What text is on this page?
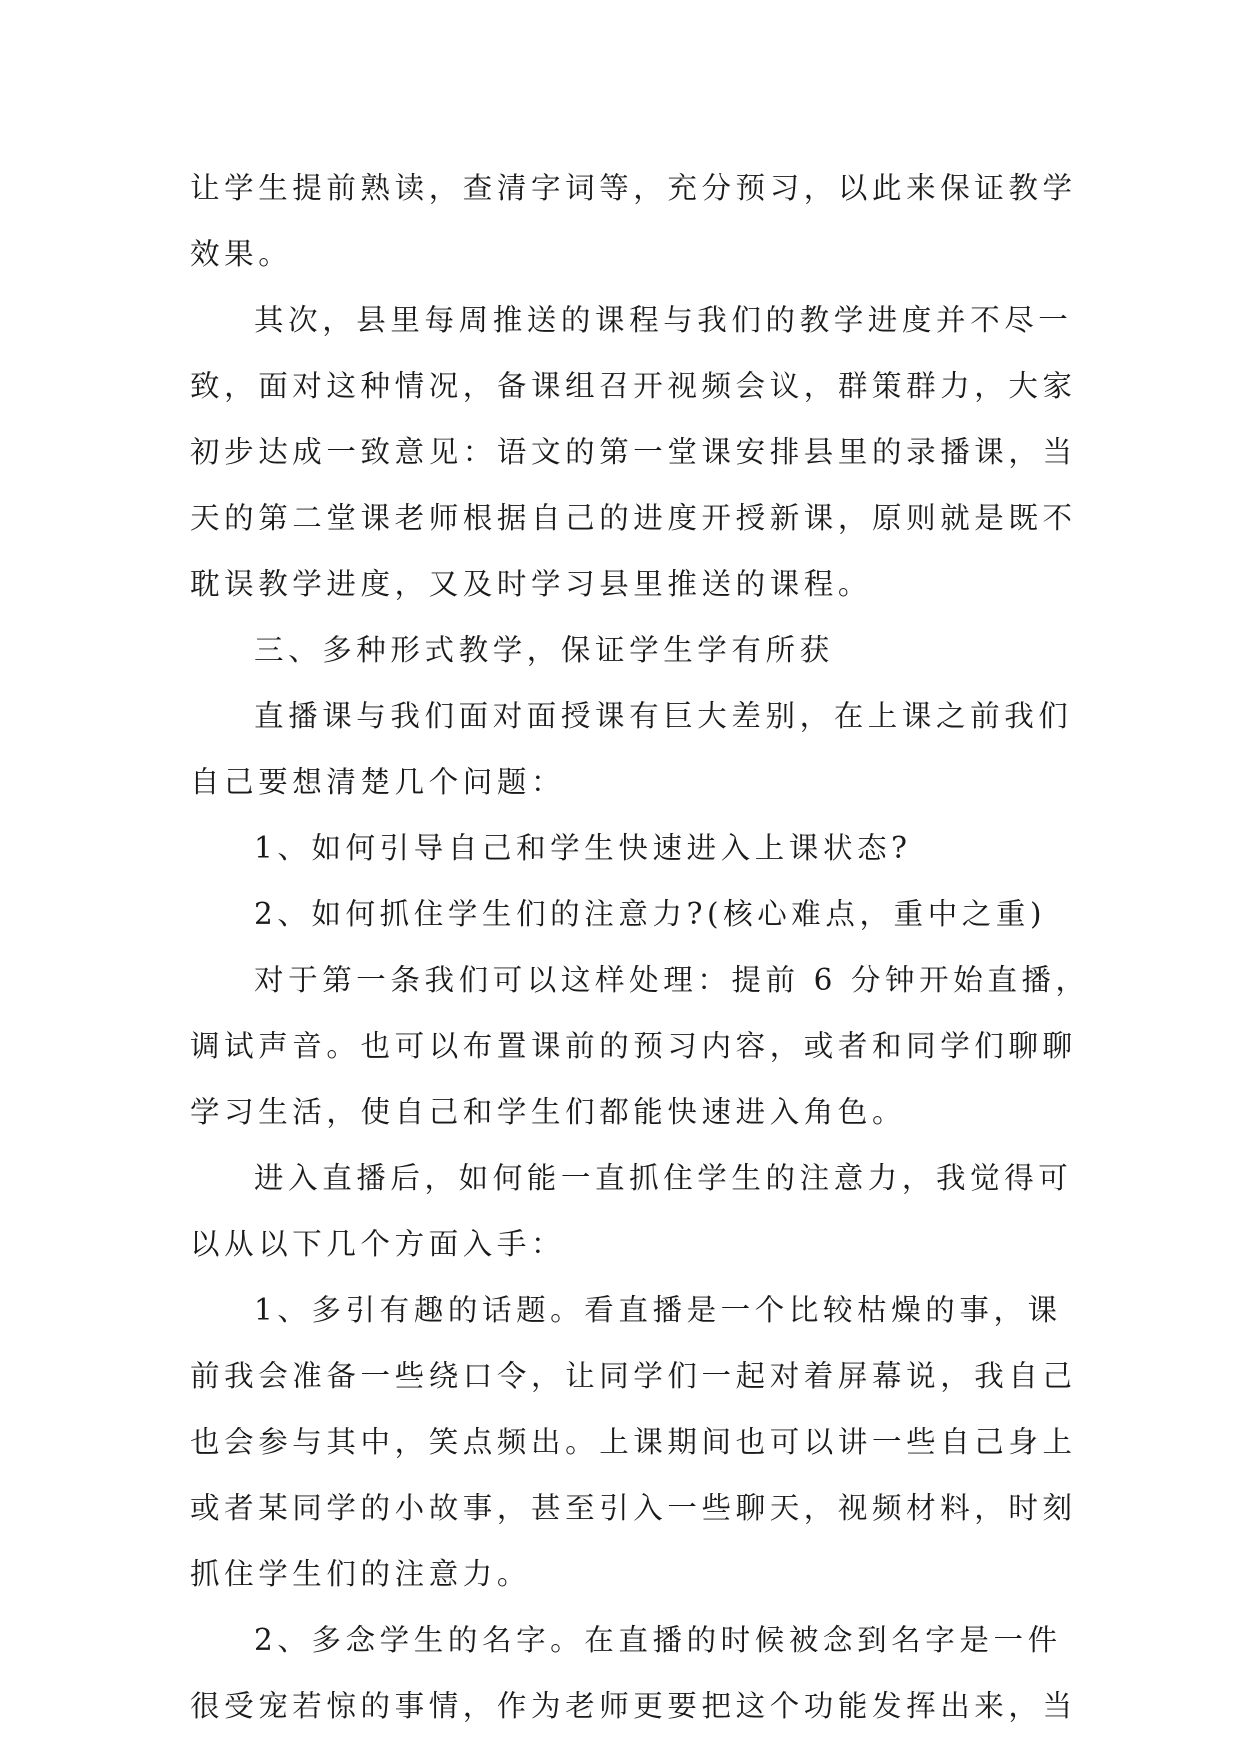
让学生提前熟读，查清字词等，充分预习，以此来保证教学
效果。
其次，县里每周推送的课程与我们的教学进度并不尽一
致，面对这种情况，备课组召开视频会议，群策群力，大家
初步达成一致意见：语文的第一堂课安排县里的录播课，当
天的第二堂课老师根据自己的进度开授新课，原则就是既不
耽误教学进度，又及时学习县里推送的课程。
三、多种形式教学，保证学生学有所获
直播课与我们面对面授课有巨大差别，在上课之前我们
自己要想清楚几个问题：
1、如何引导自己和学生快速进入上课状态?
2、如何抓住学生们的注意力?(核心难点，重中之重)
对于第一条我们可以这样处理：提前 6 分钟开始直播，
调试声音。也可以布置课前的预习内容，或者和同学们聊聊
学习生活，使自己和学生们都能快速进入角色。
进入直播后，如何能一直抓住学生的注意力，我觉得可
以从以下几个方面入手：
1、多引有趣的话题。看直播是一个比较枯燥的事，课
前我会准备一些绕口令，让同学们一起对着屏幕说，我自己
也会参与其中，笑点频出。上课期间也可以讲一些自己身上
或者某同学的小故事，甚至引入一些聊天，视频材料，时刻
抓住学生们的注意力。
2、多念学生的名字。在直播的时候被念到名字是一件
很受宠若惊的事情，作为老师更要把这个功能发挥出来，当
